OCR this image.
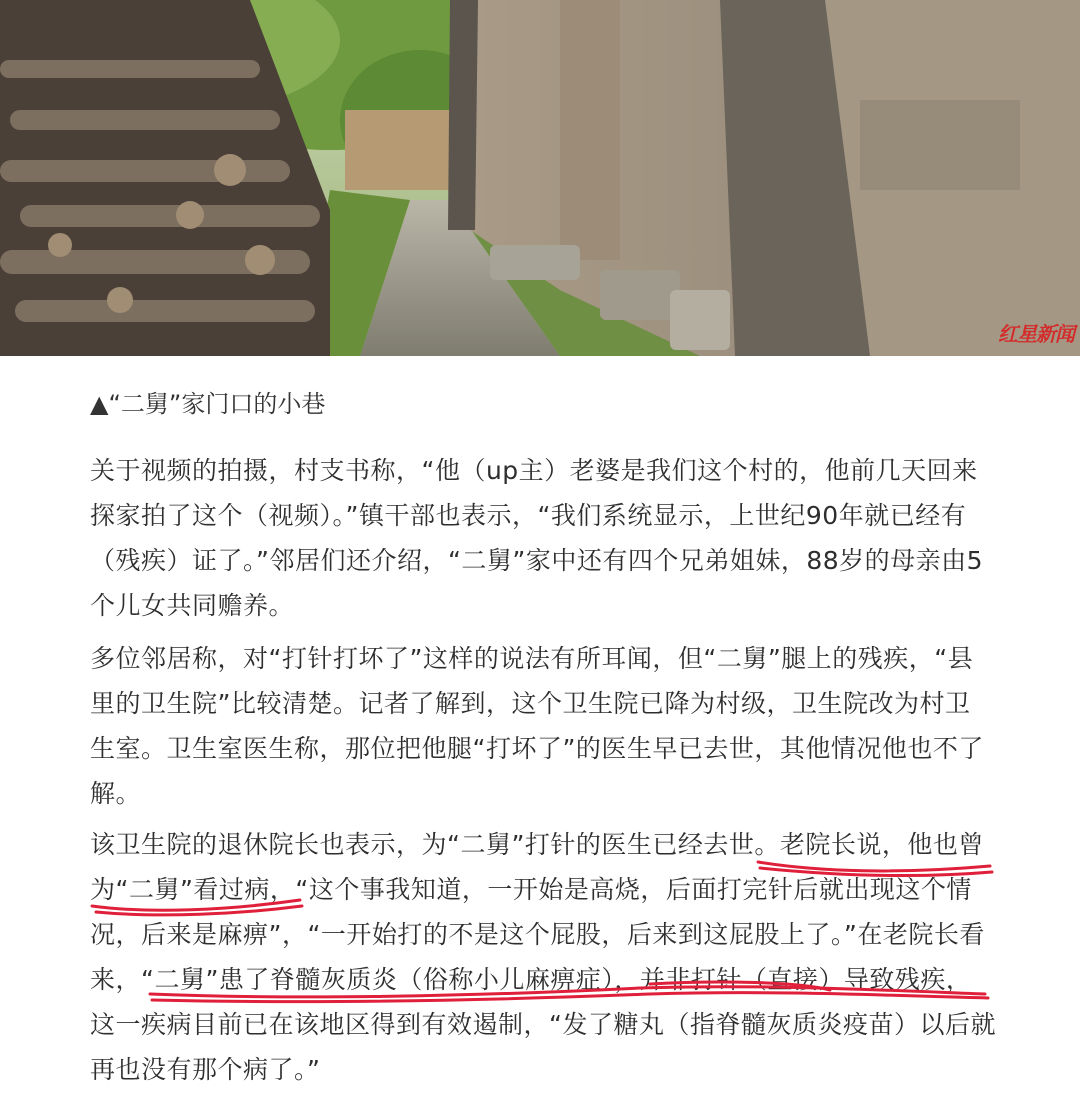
红星新闻
▲“二舅”家门口的小巷

关于视频的拍摄，村支书称，“他（up主）老婆是我们这个村的，他前几天回来探家拍了这个（视频）。”镇干部也表示，“我们系统显示，上世纪90年就已经有（残疾）证了。”邻居们还介绍，“二舅”家中还有四个兄弟姐妹，88岁的母亲由5个儿女共同赡养。

多位邻居称，对“打针打坏了”这样的说法有所耳闻，但“二舅”腿上的残疾，“县里的卫生院”比较清楚。记者了解到，这个卫生院已降为村级，卫生院改为村卫生室。卫生室医生称，那位把他腿“打坏了”的医生早已去世，其他情况他也不了解。

该卫生院的退休院长也表示，为“二舅”打针的医生已经去世。老院长说，他也曾
为“二舅”看过病，“这个事我知道，一开始是高烧，后面打完针后就出现这个情
况，后来是麻痹”，“一开始打的不是这个屁股，后来到这屁股上了。”在老院长看
来，“二舅”患了脊髓灰质炎（俗称小儿麻痹症），并非打针（直接）导致残疾，
这一疾病目前已在该地区得到有效遏制，“发了糖丸（指脊髓灰质炎疫苗）以后就
再也没有那个病了。”
